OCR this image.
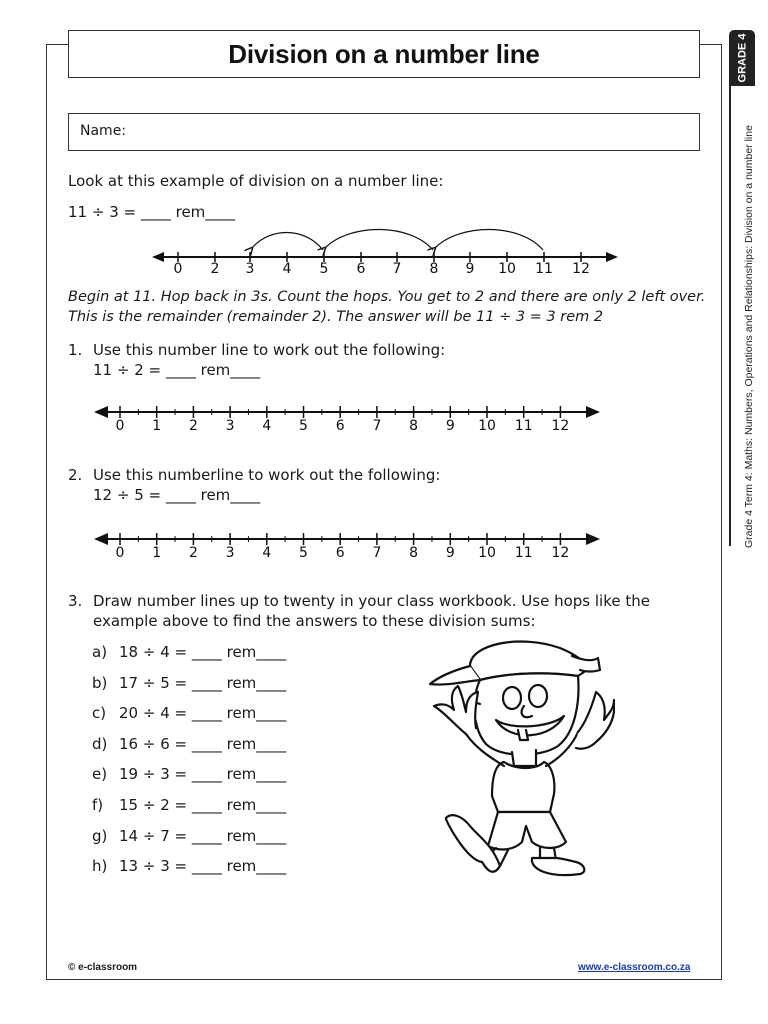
Division on a number line
Name:
Look at this example of division on a number line:
11 ÷ 3 = ____ rem____
0 2 3 4 5 6 7 8 9 10 11 12
Begin at 11. Hop back in 3s. Count the hops. You get to 2 and there are only 2 left over.
This is the remainder (remainder 2). The answer will be 11 ÷ 3 = 3 rem 2
1. Use this number line to work out the following:
11 ÷ 2 = ____ rem____
0 1 2 3 4 5 6 7 8 9 10 11 12
2. Use this numberline to work out the following:
12 ÷ 5 = ____ rem____
0 1 2 3 4 5 6 7 8 9 10 11 12
3. Draw number lines up to twenty in your class workbook. Use hops like the
example above to find the answers to these division sums:
a) 18 ÷ 4 = ____ rem____
b) 17 ÷ 5 = ____ rem____
c) 20 ÷ 4 = ____ rem____
d) 16 ÷ 6 = ____ rem____
e) 19 ÷ 3 = ____ rem____
f) 15 ÷ 2 = ____ rem____
g) 14 ÷ 7 = ____ rem____
h) 13 ÷ 3 = ____ rem____
GRADE 4
Grade 4 Term 4: Maths: Numbers, Operations and Relationships: Division on a number line
© e-classroom	www.e-classroom.co.za
